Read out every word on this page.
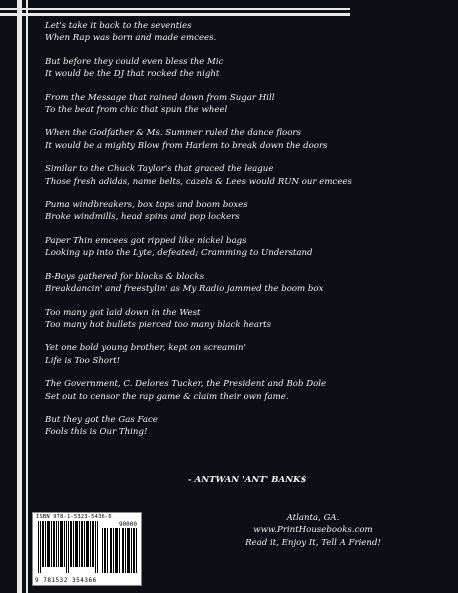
Let's take it back to the seventies
When Rap was born and made emcees.
But before they could even bless the Mic
It would be the DJ that rocked the night
From the Message that rained down from Sugar Hill
To the beat from chic that spun the wheel
When the Godfather & Ms. Summer ruled the dance floors
It would be a mighty Blow from Harlem to break down the doors
Similar to the Chuck Taylor's that graced the league
Those fresh adidas, name belts, cazels & Lees would RUN our emcees
Puma windbreakers, box tops and boom boxes
Broke windmills, head spins and pop lockers
Paper Thin emcees got ripped like nickel bags
Looking up into the Lyte, defeated; Cramming to Understand
B-Boys gathered for blocks & blocks
Breakdancin' and freestylin' as My Radio jammed the boom box
Too many got laid down in the West
Too many hot bullets pierced too many black hearts
Yet one bold young brother, kept on screamin'
Life is Too Short!
The Government, C. Delores Tucker, the President and Bob Dole
Set out to censor the rap game & claim their own fame.
But they got the Gas Face
Fools this is Our Thing!
- ANTWAN 'ANT' BANK$
ISBN 978-1-5323-5436-6
90000
9 781532 354366
Atlanta, GA.
www.PrintHousebooks.com
Read it, Enjoy It, Tell A Friend!
